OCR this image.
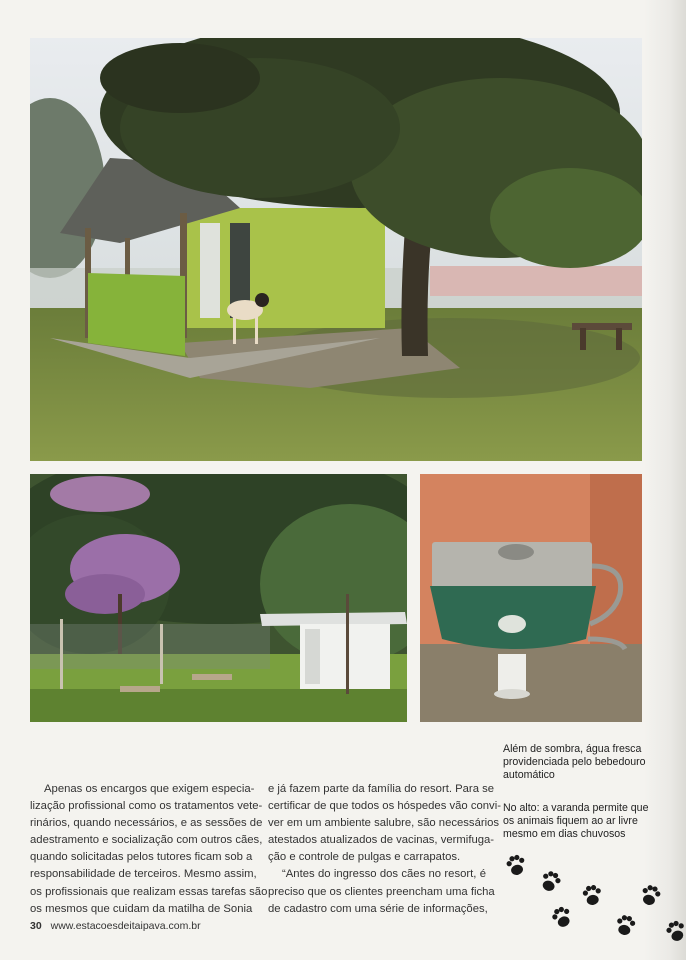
Além de sombra, água fresca providenciada pelo bebedouro automático
No alto: a varanda permite que os animais fiquem ao ar livre mesmo em dias chuvosos
Apenas os encargos que exigem especia-
lização profissional como os tratamentos vete-
rinários, quando necessários, e as sessões de
adestramento e socialização com outros cães,
quando solicitadas pelos tutores ficam sob a
responsabilidade de terceiros. Mesmo assim,
os profissionais que realizam essas tarefas são
os mesmos que cuidam da matilha de Sonia
e já fazem parte da família do resort. Para se
certificar de que todos os hóspedes vão convi-
ver em um ambiente salubre, são necessários
atestados atualizados de vacinas, vermifuga-
ção e controle de pulgas e carrapatos.
“Antes do ingresso dos cães no resort, é
preciso que os clientes preencham uma ficha
de cadastro com uma série de informações,
30 www.estacoesdeitaipava.com.br
